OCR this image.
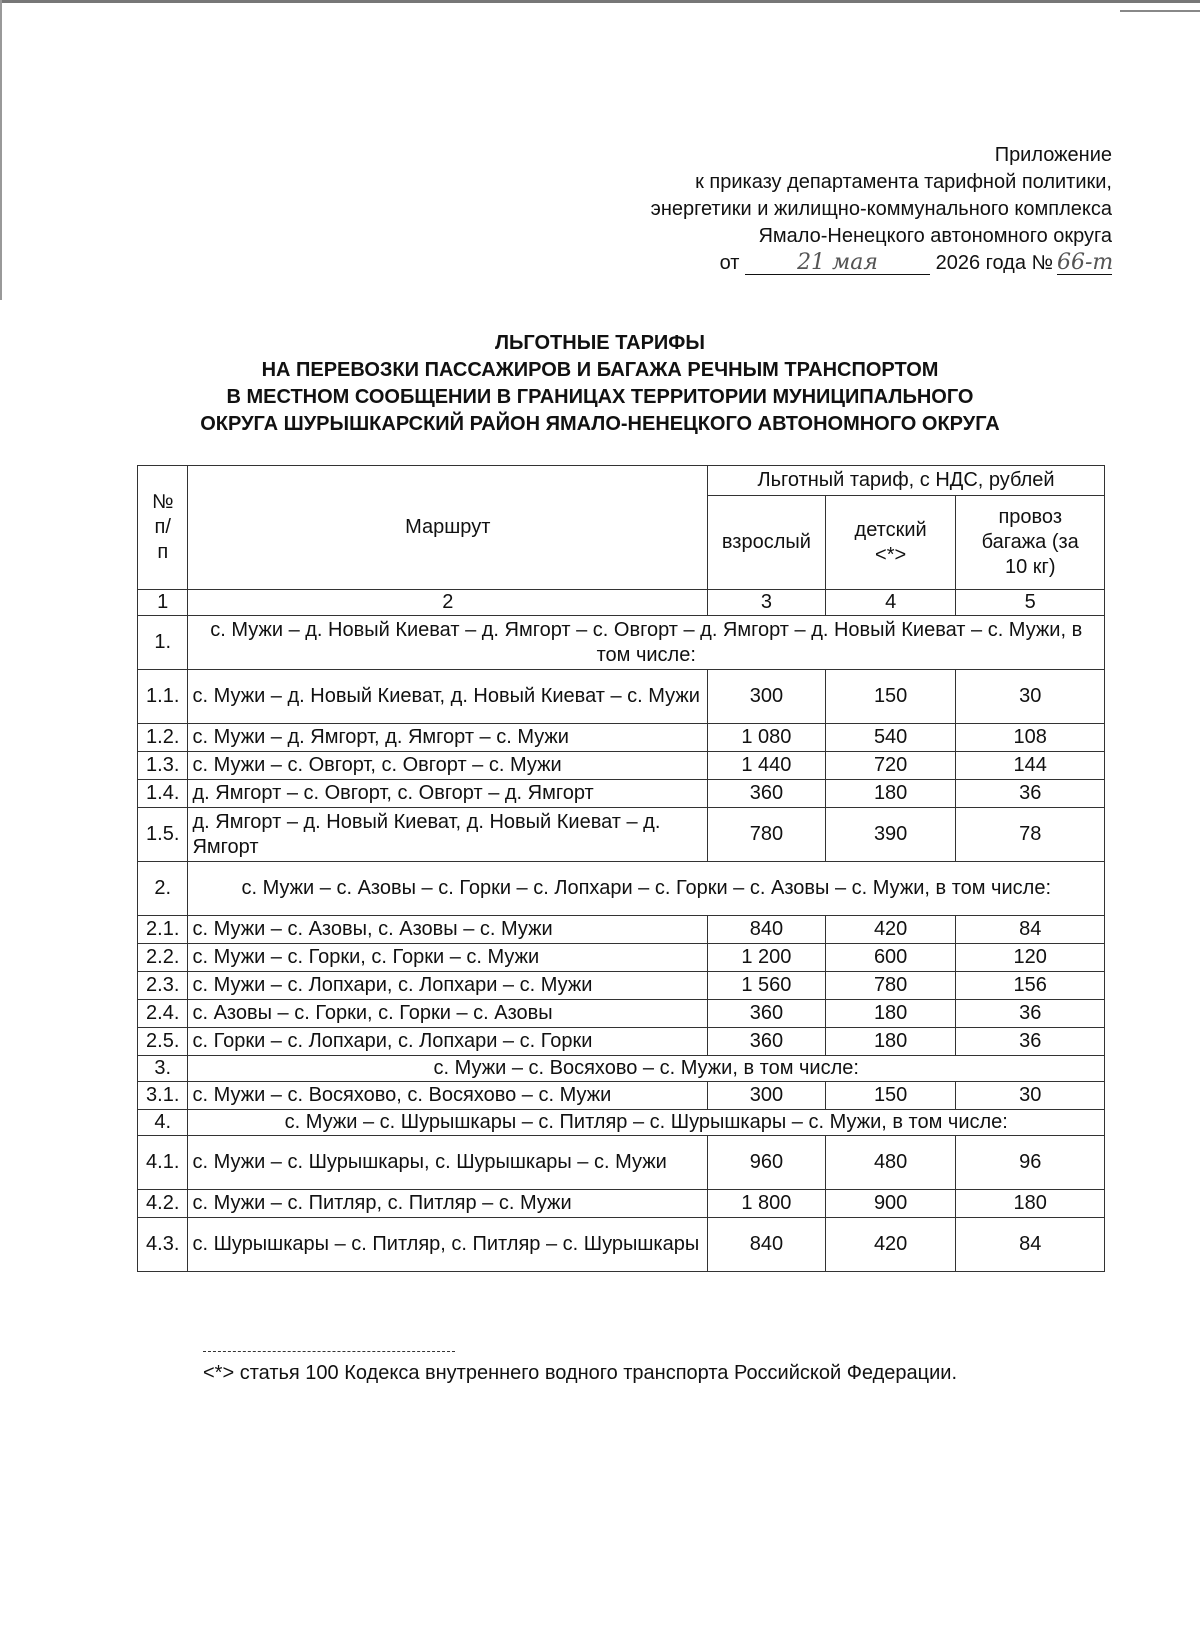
Приложение
к приказу департамента тарифной политики,
энергетики и жилищно-коммунального комплекса
Ямало-Ненецкого автономного округа
от	21 мая	2026 года № 66-т
ЛЬГОТНЫЕ ТАРИФЫ
НА ПЕРЕВОЗКИ ПАССАЖИРОВ И БАГАЖА РЕЧНЫМ ТРАНСПОРТОМ
В МЕСТНОМ СООБЩЕНИИ В ГРАНИЦАХ ТЕРРИТОРИИ МУНИЦИПАЛЬНОГО
ОКРУГА ШУРЫШКАРСКИЙ РАЙОН ЯМАЛО-НЕНЕЦКОГО АВТОНОМНОГО ОКРУГА
№ п/п	Маршрут	Льготный тариф, с НДС, рублей		
		взрослый	детский <*>	провоз багажа (за 10 кг)
1	2	3	4	5
1.	с. Мужи – д. Новый Киеват – д. Ямгорт – с. Овгорт – д. Ямгорт – д. Новый Киеват – с. Мужи, в том числе:			
1.1.	с. Мужи – д. Новый Киеват, д. Новый Киеват – с. Мужи	300	150	30
1.2.	с. Мужи – д. Ямгорт, д. Ямгорт – с. Мужи	1 080	540	108
1.3.	с. Мужи – с. Овгорт, с. Овгорт – с. Мужи	1 440	720	144
1.4.	д. Ямгорт – с. Овгорт, с. Овгорт – д. Ямгорт	360	180	36
1.5.	д. Ямгорт – д. Новый Киеват, д. Новый Киеват – д. Ямгорт	780	390	78
2.	с. Мужи – с. Азовы – с. Горки – с. Лопхари – с. Горки – с. Азовы – с. Мужи, в том числе:			
2.1.	с. Мужи – с. Азовы, с. Азовы – с. Мужи	840	420	84
2.2.	с. Мужи – с. Горки, с. Горки – с. Мужи	1 200	600	120
2.3.	с. Мужи – с. Лопхари, с. Лопхари – с. Мужи	1 560	780	156
2.4.	с. Азовы – с. Горки, с. Горки – с. Азовы	360	180	36
2.5.	с. Горки – с. Лопхари, с. Лопхари – с. Горки	360	180	36
3.	с. Мужи – с. Восяхово – с. Мужи, в том числе:			
3.1.	с. Мужи – с. Восяхово, с. Восяхово – с. Мужи	300	150	30
4.	с. Мужи – с. Шурышкары – с. Питляр – с. Шурышкары – с. Мужи, в том числе:			
4.1.	с. Мужи – с. Шурышкары, с. Шурышкары – с. Мужи	960	480	96
4.2.	с. Мужи – с. Питляр, с. Питляр – с. Мужи	1 800	900	180
4.3.	с. Шурышкары – с. Питляр, с. Питляр – с. Шурышкары	840	420	84
<*> статья 100 Кодекса внутреннего водного транспорта Российской Федерации.
